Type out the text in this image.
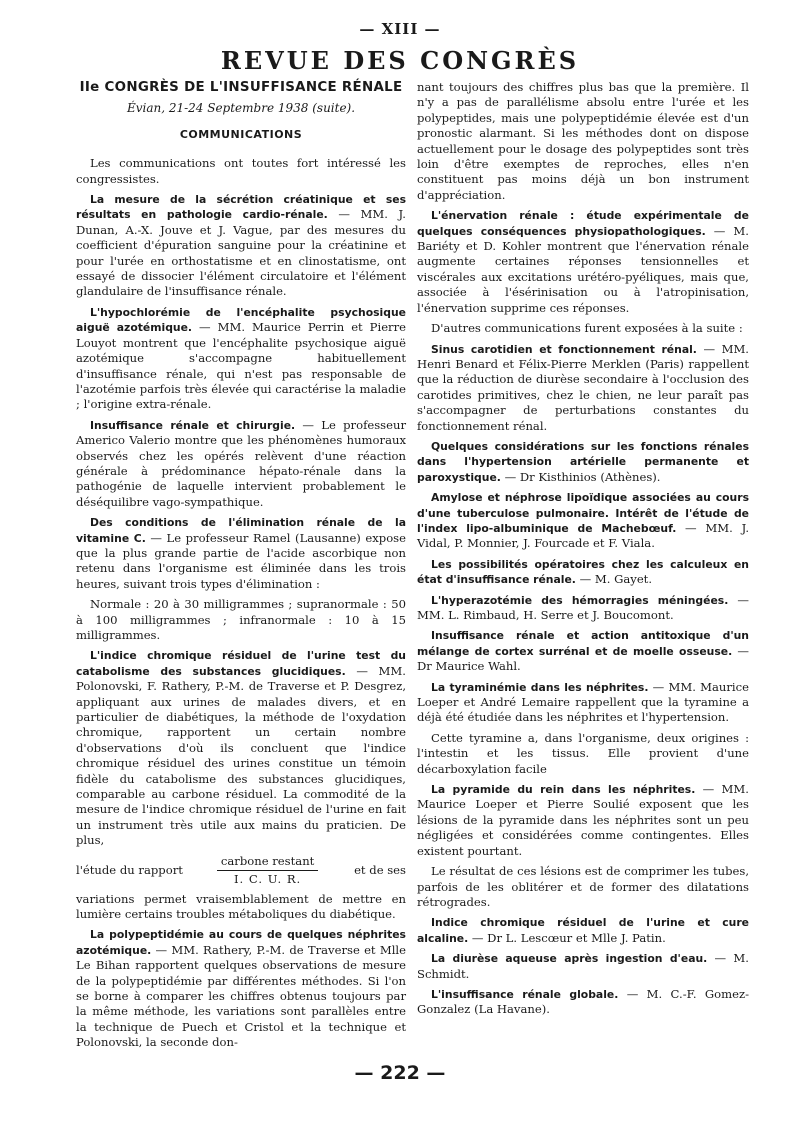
— XIII —
REVUE DES CONGRÈS
IIe CONGRÈS DE L'INSUFFISANCE RÉNALE
Évian, 21-24 Septembre 1938 (suite).
COMMUNICATIONS

Les communications ont toutes fort intéressé les congressistes.

La mesure de la sécrétion créatinique et ses résultats en pathologie cardio-rénale. — MM. J. Dunan, A.-X. Jouve et J. Vague, par des mesures du coefficient d'épuration sanguine pour la créatinine et pour l'urée en orthostatisme et en clinostatisme, ont essayé de dissocier l'élément circulatoire et l'élément glandulaire de l'insuffisance rénale.

L'hypochlorémie de l'encéphalite psychosique aiguë azotémique. — MM. Maurice Perrin et Pierre Louyot montrent que l'encéphalite psychosique aiguë azotémique s'accompagne habituellement d'insuffisance rénale, qui n'est pas responsable de l'azotémie parfois très élevée qui caractérise la maladie ; l'origine extra-rénale.

Insuffisance rénale et chirurgie. — Le professeur Americo Valerio montre que les phénomènes humoraux observés chez les opérés relèvent d'une réaction générale à prédominance hépato-rénale dans la pathogénie de laquelle intervient probablement le déséquilibre vago-sympathique.

Des conditions de l'élimination rénale de la vitamine C. — Le professeur Ramel (Lausanne) expose que la plus grande partie de l'acide ascorbique non retenu dans l'organisme est éliminée dans les trois heures, suivant trois types d'élimination :

Normale : 20 à 30 milligrammes ; supranormale : 50 à 100 milligrammes ; infranormale : 10 à 15 milligrammes.

L'indice chromique résiduel de l'urine test du catabolisme des substances glucidiques. — MM. Polonovski, F. Rathery, P.-M. de Traverse et P. Desgrez, appliquant aux urines de malades divers, et en particulier de diabétiques, la méthode de l'oxydation chromique, rapportent un certain nombre d'observations d'où ils concluent que l'indice chromique résiduel des urines constitue un témoin fidèle du catabolisme des substances glucidiques, comparable au carbone résiduel. La commodité de la mesure de l'indice chromique résiduel de l'urine en fait un instrument très utile aux mains du praticien. De plus,

l'étude du rapport	$\frac{\text{carbone restant}}{I. C. U. R.}$	et de ses

variations permet vraisemblablement de mettre en lumière certains troubles métaboliques du diabétique.

La polypeptidémie au cours de quelques néphrites azotémique. — MM. Rathery, P.-M. de Traverse et Mlle Le Bihan rapportent quelques observations de mesure de la polypeptidémie par différentes méthodes. Si l'on se borne à comparer les chiffres obtenus toujours par la même méthode, les variations sont parallèles entre la technique de Puech et Cristol et la technique et Polonovski, la seconde don-

nant toujours des chiffres plus bas que la première. Il n'y a pas de parallélisme absolu entre l'urée et les polypeptides, mais une polypeptidémie élevée est d'un pronostic alarmant. Si les méthodes dont on dispose actuellement pour le dosage des polypeptides sont très loin d'être exemptes de reproches, elles n'en constituent pas moins déjà un bon instrument d'appréciation.

L'énervation rénale : étude expérimentale de quelques conséquences physiopathologiques. — M. Bariéty et D. Kohler montrent que l'énervation rénale augmente certaines réponses tensionnelles et viscérales aux excitations urétéro-pyéliques, mais que, associée à l'ésérinisation ou à l'atropinisation, l'énervation supprime ces réponses.

D'autres communications furent exposées à la suite :

Sinus carotidien et fonctionnement rénal. — MM. Henri Benard et Félix-Pierre Merklen (Paris) rappellent que la réduction de diurèse secondaire à l'occlusion des carotides primitives, chez le chien, ne leur paraît pas s'accompagner de perturbations constantes du fonctionnement rénal.

Quelques considérations sur les fonctions rénales dans l'hypertension artérielle permanente et paroxystique. — Dr Kisthinios (Athènes).

Amylose et néphrose lipoïdique associées au cours d'une tuberculose pulmonaire. Intérêt de l'étude de l'index lipo-albuminique de Machebœuf. — MM. J. Vidal, P. Monnier, J. Fourcade et F. Viala.

Les possibilités opératoires chez les calculeux en état d'insuffisance rénale. — M. Gayet.

L'hyperazotémie des hémorragies méningées. — MM. L. Rimbaud, H. Serre et J. Boucomont.

Insuffisance rénale et action antitoxique d'un mélange de cortex surrénal et de moelle osseuse. — Dr Maurice Wahl.

La tyraminémie dans les néphrites. — MM. Maurice Loeper et André Lemaire rappellent que la tyramine a déjà été étudiée dans les néphrites et l'hypertension.

Cette tyramine a, dans l'organisme, deux origines : l'intestin et les tissus. Elle provient d'une décarboxylation facile

La pyramide du rein dans les néphrites. — MM. Maurice Loeper et Pierre Soulié exposent que les lésions de la pyramide dans les néphrites sont un peu négligées et considérées comme contingentes. Elles existent pourtant.

Le résultat de ces lésions est de comprimer les tubes, parfois de les oblitérer et de former des dilatations rétrogrades.

Indice chromique résiduel de l'urine et cure alcaline. — Dr L. Lescœur et Mlle J. Patin.

La diurèse aqueuse après ingestion d'eau. — M. Schmidt.

L'insuffisance rénale globale. — M. C.-F. Gomez-Gonzalez (La Havane).

— 222 —
